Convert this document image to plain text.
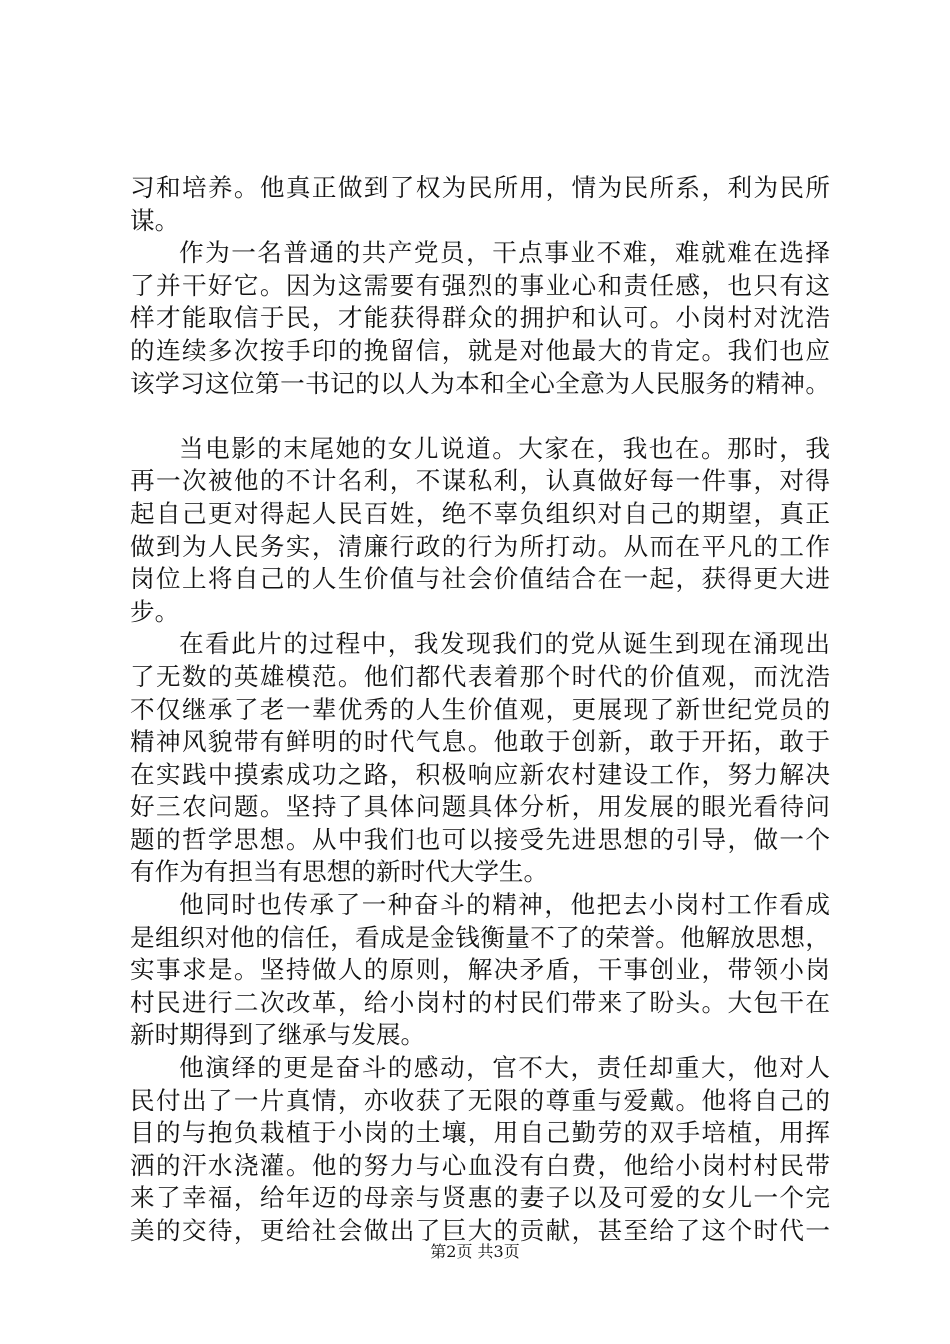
习和培养。他真正做到了权为民所用，情为民所系，利为民所
谋。
作为一名普通的共产党员，干点事业不难，难就难在选择
了并干好它。因为这需要有强烈的事业心和责任感，也只有这
样才能取信于民，才能获得群众的拥护和认可。小岗村对沈浩
的连续多次按手印的挽留信，就是对他最大的肯定。我们也应
该学习这位第一书记的以人为本和全心全意为人民服务的精神。
当电影的末尾她的女儿说道。大家在，我也在。那时，我
再一次被他的不计名利，不谋私利，认真做好每一件事，对得
起自己更对得起人民百姓，绝不辜负组织对自己的期望，真正
做到为人民务实，清廉行政的行为所打动。从而在平凡的工作
岗位上将自己的人生价值与社会价值结合在一起，获得更大进
步。
在看此片的过程中，我发现我们的党从诞生到现在涌现出
了无数的英雄模范。他们都代表着那个时代的价值观，而沈浩
不仅继承了老一辈优秀的人生价值观，更展现了新世纪党员的
精神风貌带有鲜明的时代气息。他敢于创新，敢于开拓，敢于
在实践中摸索成功之路，积极响应新农村建设工作，努力解决
好三农问题。坚持了具体问题具体分析，用发展的眼光看待问
题的哲学思想。从中我们也可以接受先进思想的引导，做一个
有作为有担当有思想的新时代大学生。
他同时也传承了一种奋斗的精神，他把去小岗村工作看成
是组织对他的信任，看成是金钱衡量不了的荣誉。他解放思想，
实事求是。坚持做人的原则，解决矛盾，干事创业，带领小岗
村民进行二次改革，给小岗村的村民们带来了盼头。大包干在
新时期得到了继承与发展。
他演绎的更是奋斗的感动，官不大，责任却重大，他对人
民付出了一片真情，亦收获了无限的尊重与爱戴。他将自己的
目的与抱负栽植于小岗的土壤，用自己勤劳的双手培植，用挥
洒的汗水浇灌。他的努力与心血没有白费，他给小岗村村民带
来了幸福，给年迈的母亲与贤惠的妻子以及可爱的女儿一个完
美的交待，更给社会做出了巨大的贡献，甚至给了这个时代一
第2页 共3页
